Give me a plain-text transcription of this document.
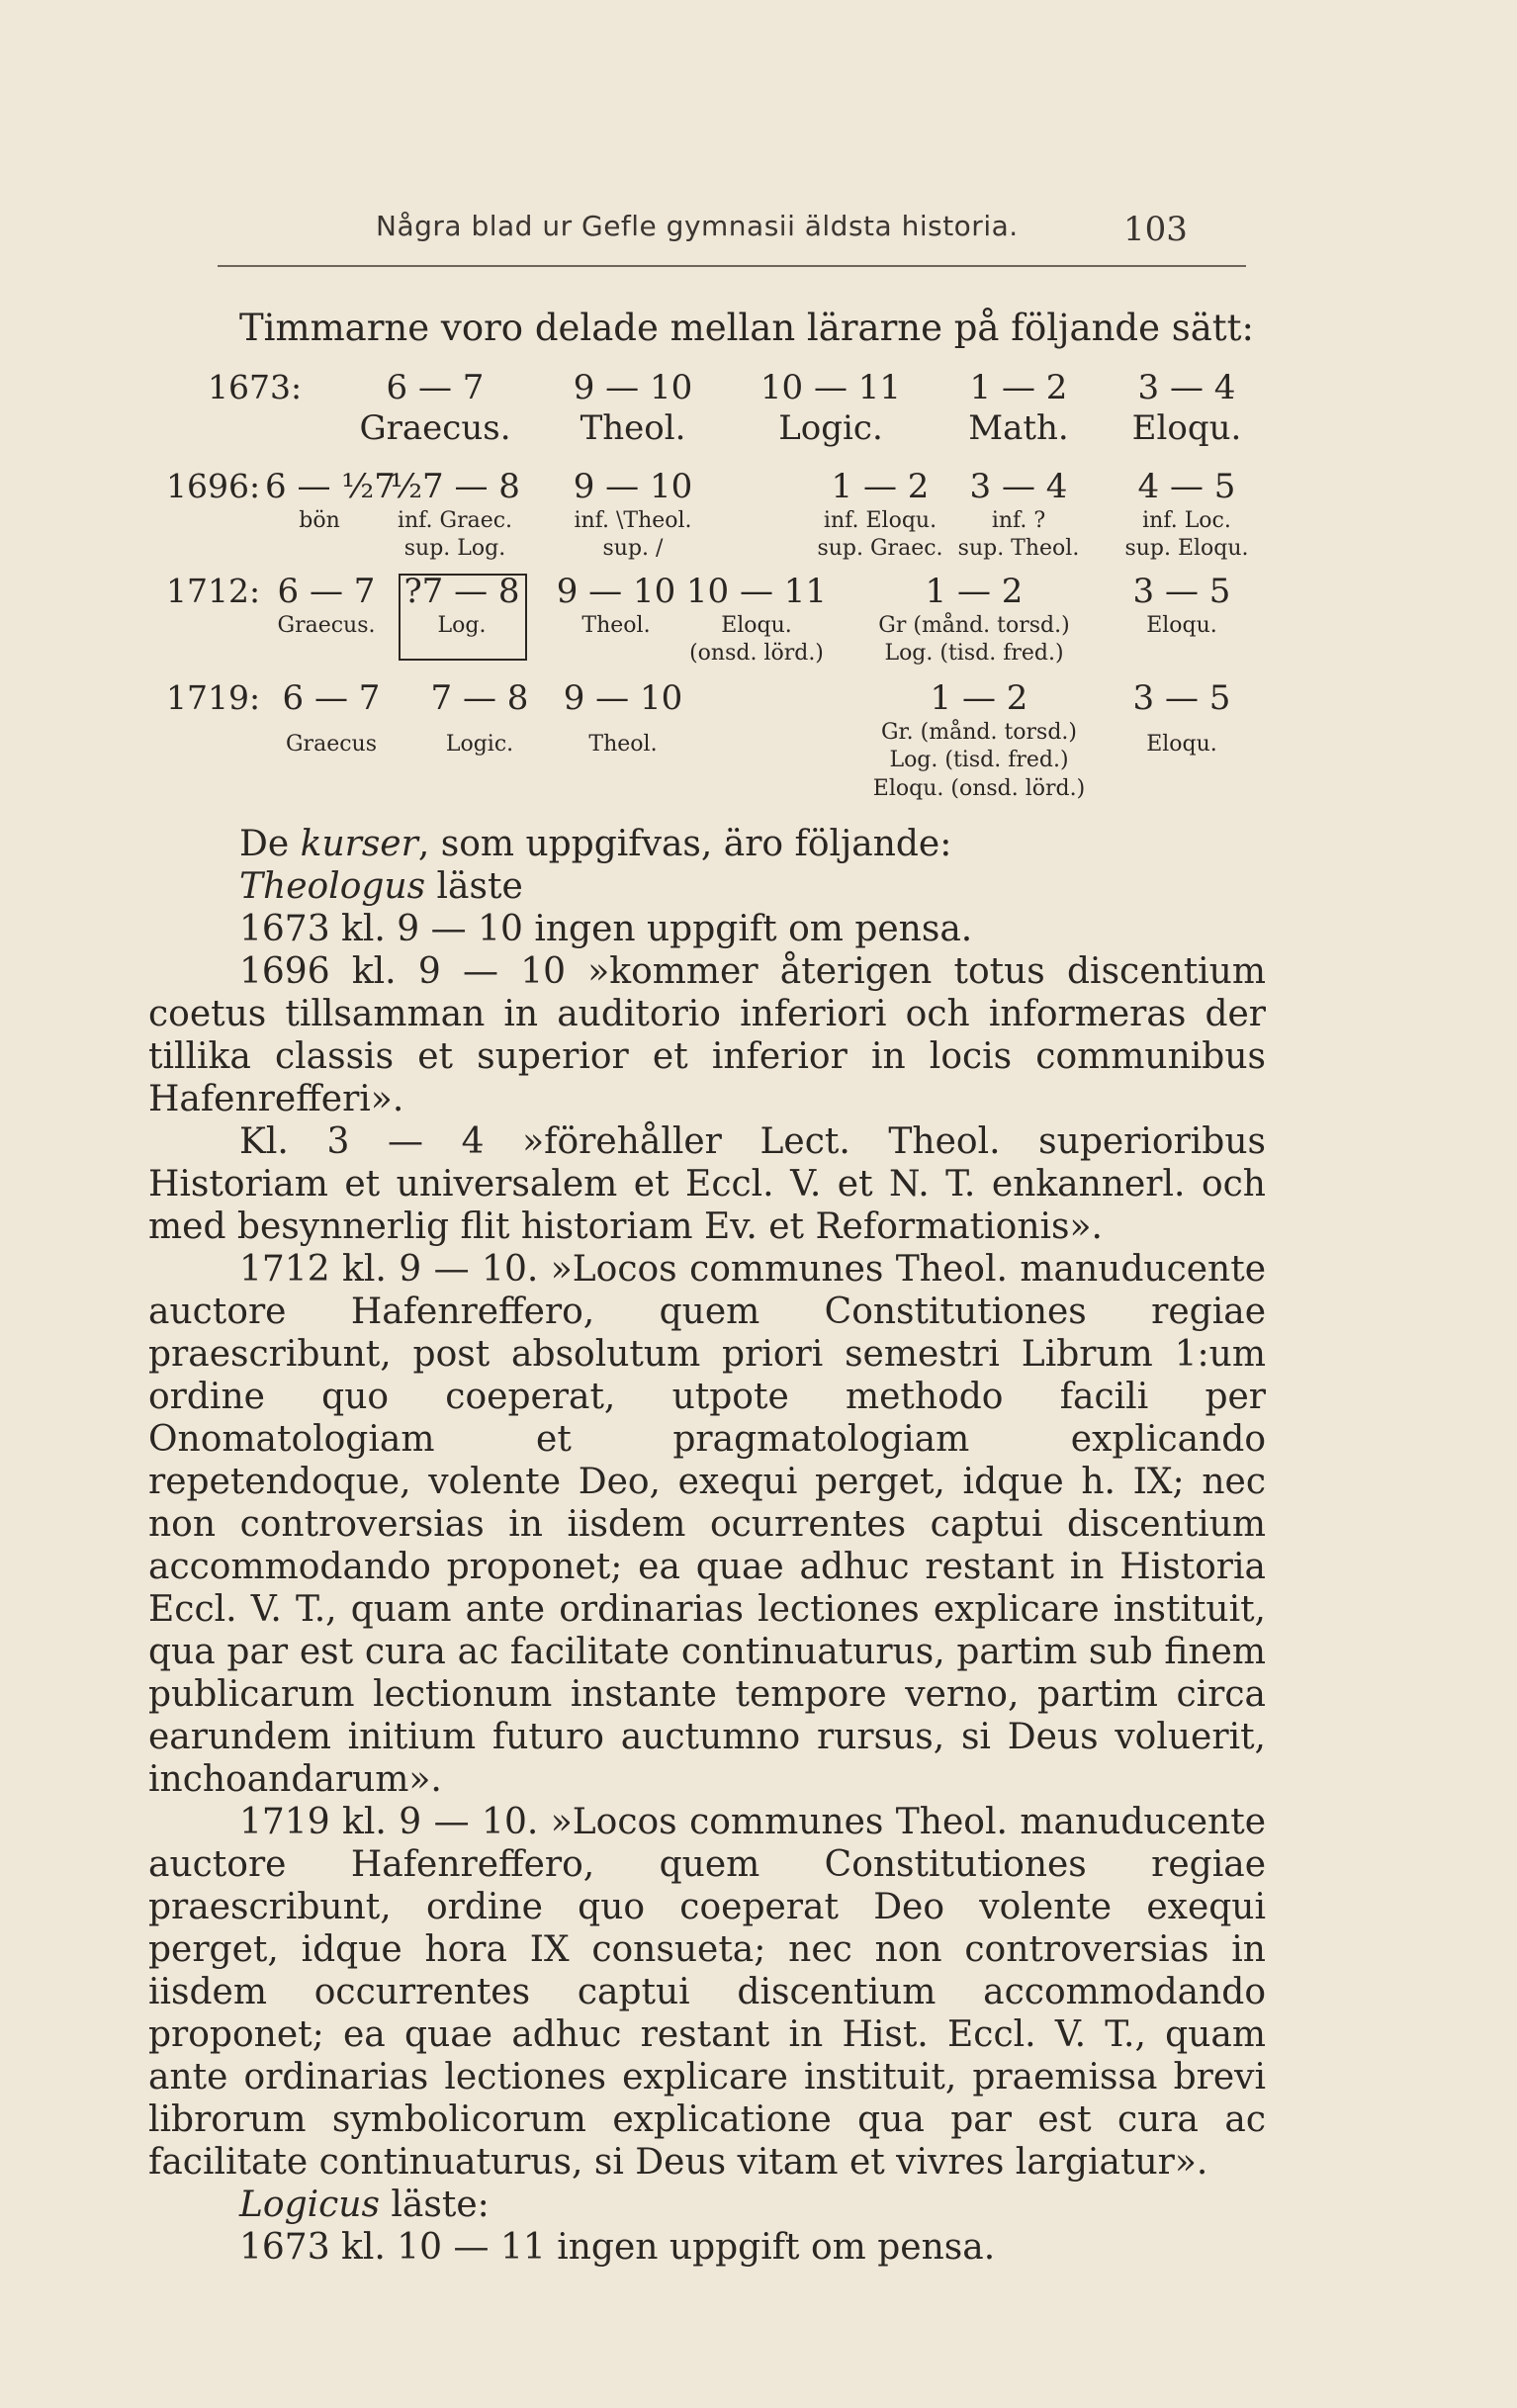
Några blad ur Gefle gymnasii äldsta historia.	103
Timmarne voro delade mellan lärarne på följande sätt:
1673:	6 — 7
Graecus.
9 — 10
Theol.
10 — 11
Logic.
1 — 2
Math.
3 — 4
Eloqu.
1696: 6 — ½7
bön
½7 — 8
inf. Graec.
sup. Log.
9 — 10
inf. \Theol.
sup. /
1 — 2
inf. Eloqu.
sup. Graec.
3 — 4
inf. ?
sup. Theol.
4 — 5
inf. Loc.
sup. Eloqu.
1712: 6 — 7
Graecus.
?7 — 8
Log.
9 — 10
Theol.
10 — 11
Eloqu.
(onsd. lörd.)
1 — 2
Gr (månd. torsd.)
Log. (tisd. fred.)
3 — 5
Eloqu.
1719: 6 — 7

Graecus
7 — 8

Logic.
9 — 10

Theol.
1 — 2
Gr. (månd. torsd.)
Log. (tisd. fred.)
Eloqu. (onsd. lörd.)
3 — 5

Eloqu.

De kurser, som uppgifvas, äro följande:

Theologus läste

1673 kl. 9 — 10 ingen uppgift om pensa.

1696 kl. 9 — 10 »kommer återigen totus discentium coetus tillsamman in auditorio inferiori och informeras der tillika classis et superior et inferior in locis communibus Hafenrefferi».

Kl. 3 — 4 »förehåller Lect. Theol. superioribus Historiam et universalem et Eccl. V. et N. T. enkannerl. och med besynnerlig flit historiam Ev. et Reformationis».

1712 kl. 9 — 10. »Locos communes Theol. manuducente auctore Hafenreffero, quem Constitutiones regiae praescribunt, post absolutum priori semestri Librum 1:um ordine quo coeperat, utpote methodo facili per Onomatologiam et pragmatologiam explicando repetendoque, volente Deo, exequi perget, idque h. IX; nec non controversias in iisdem ocurrentes captui discentium accommodando proponet; ea quae adhuc restant in Historia Eccl. V. T., quam ante ordinarias lectiones explicare instituit, qua par est cura ac facilitate continuaturus, partim sub finem publicarum lectionum instante tempore verno, partim circa earundem initium futuro auctumno rursus, si Deus voluerit, inchoandarum».

1719 kl. 9 — 10. »Locos communes Theol. manuducente auctore Hafenreffero, quem Constitutiones regiae praescribunt, ordine quo coeperat Deo volente exequi perget, idque hora IX consueta; nec non controversias in iisdem occurrentes captui discentium accommodando proponet; ea quae adhuc restant in Hist. Eccl. V. T., quam ante ordinarias lectiones explicare instituit, praemissa brevi librorum symbolicorum explicatione qua par est cura ac facilitate continuaturus, si Deus vitam et vivres largiatur».

Logicus läste:

1673 kl. 10 — 11 ingen uppgift om pensa.
